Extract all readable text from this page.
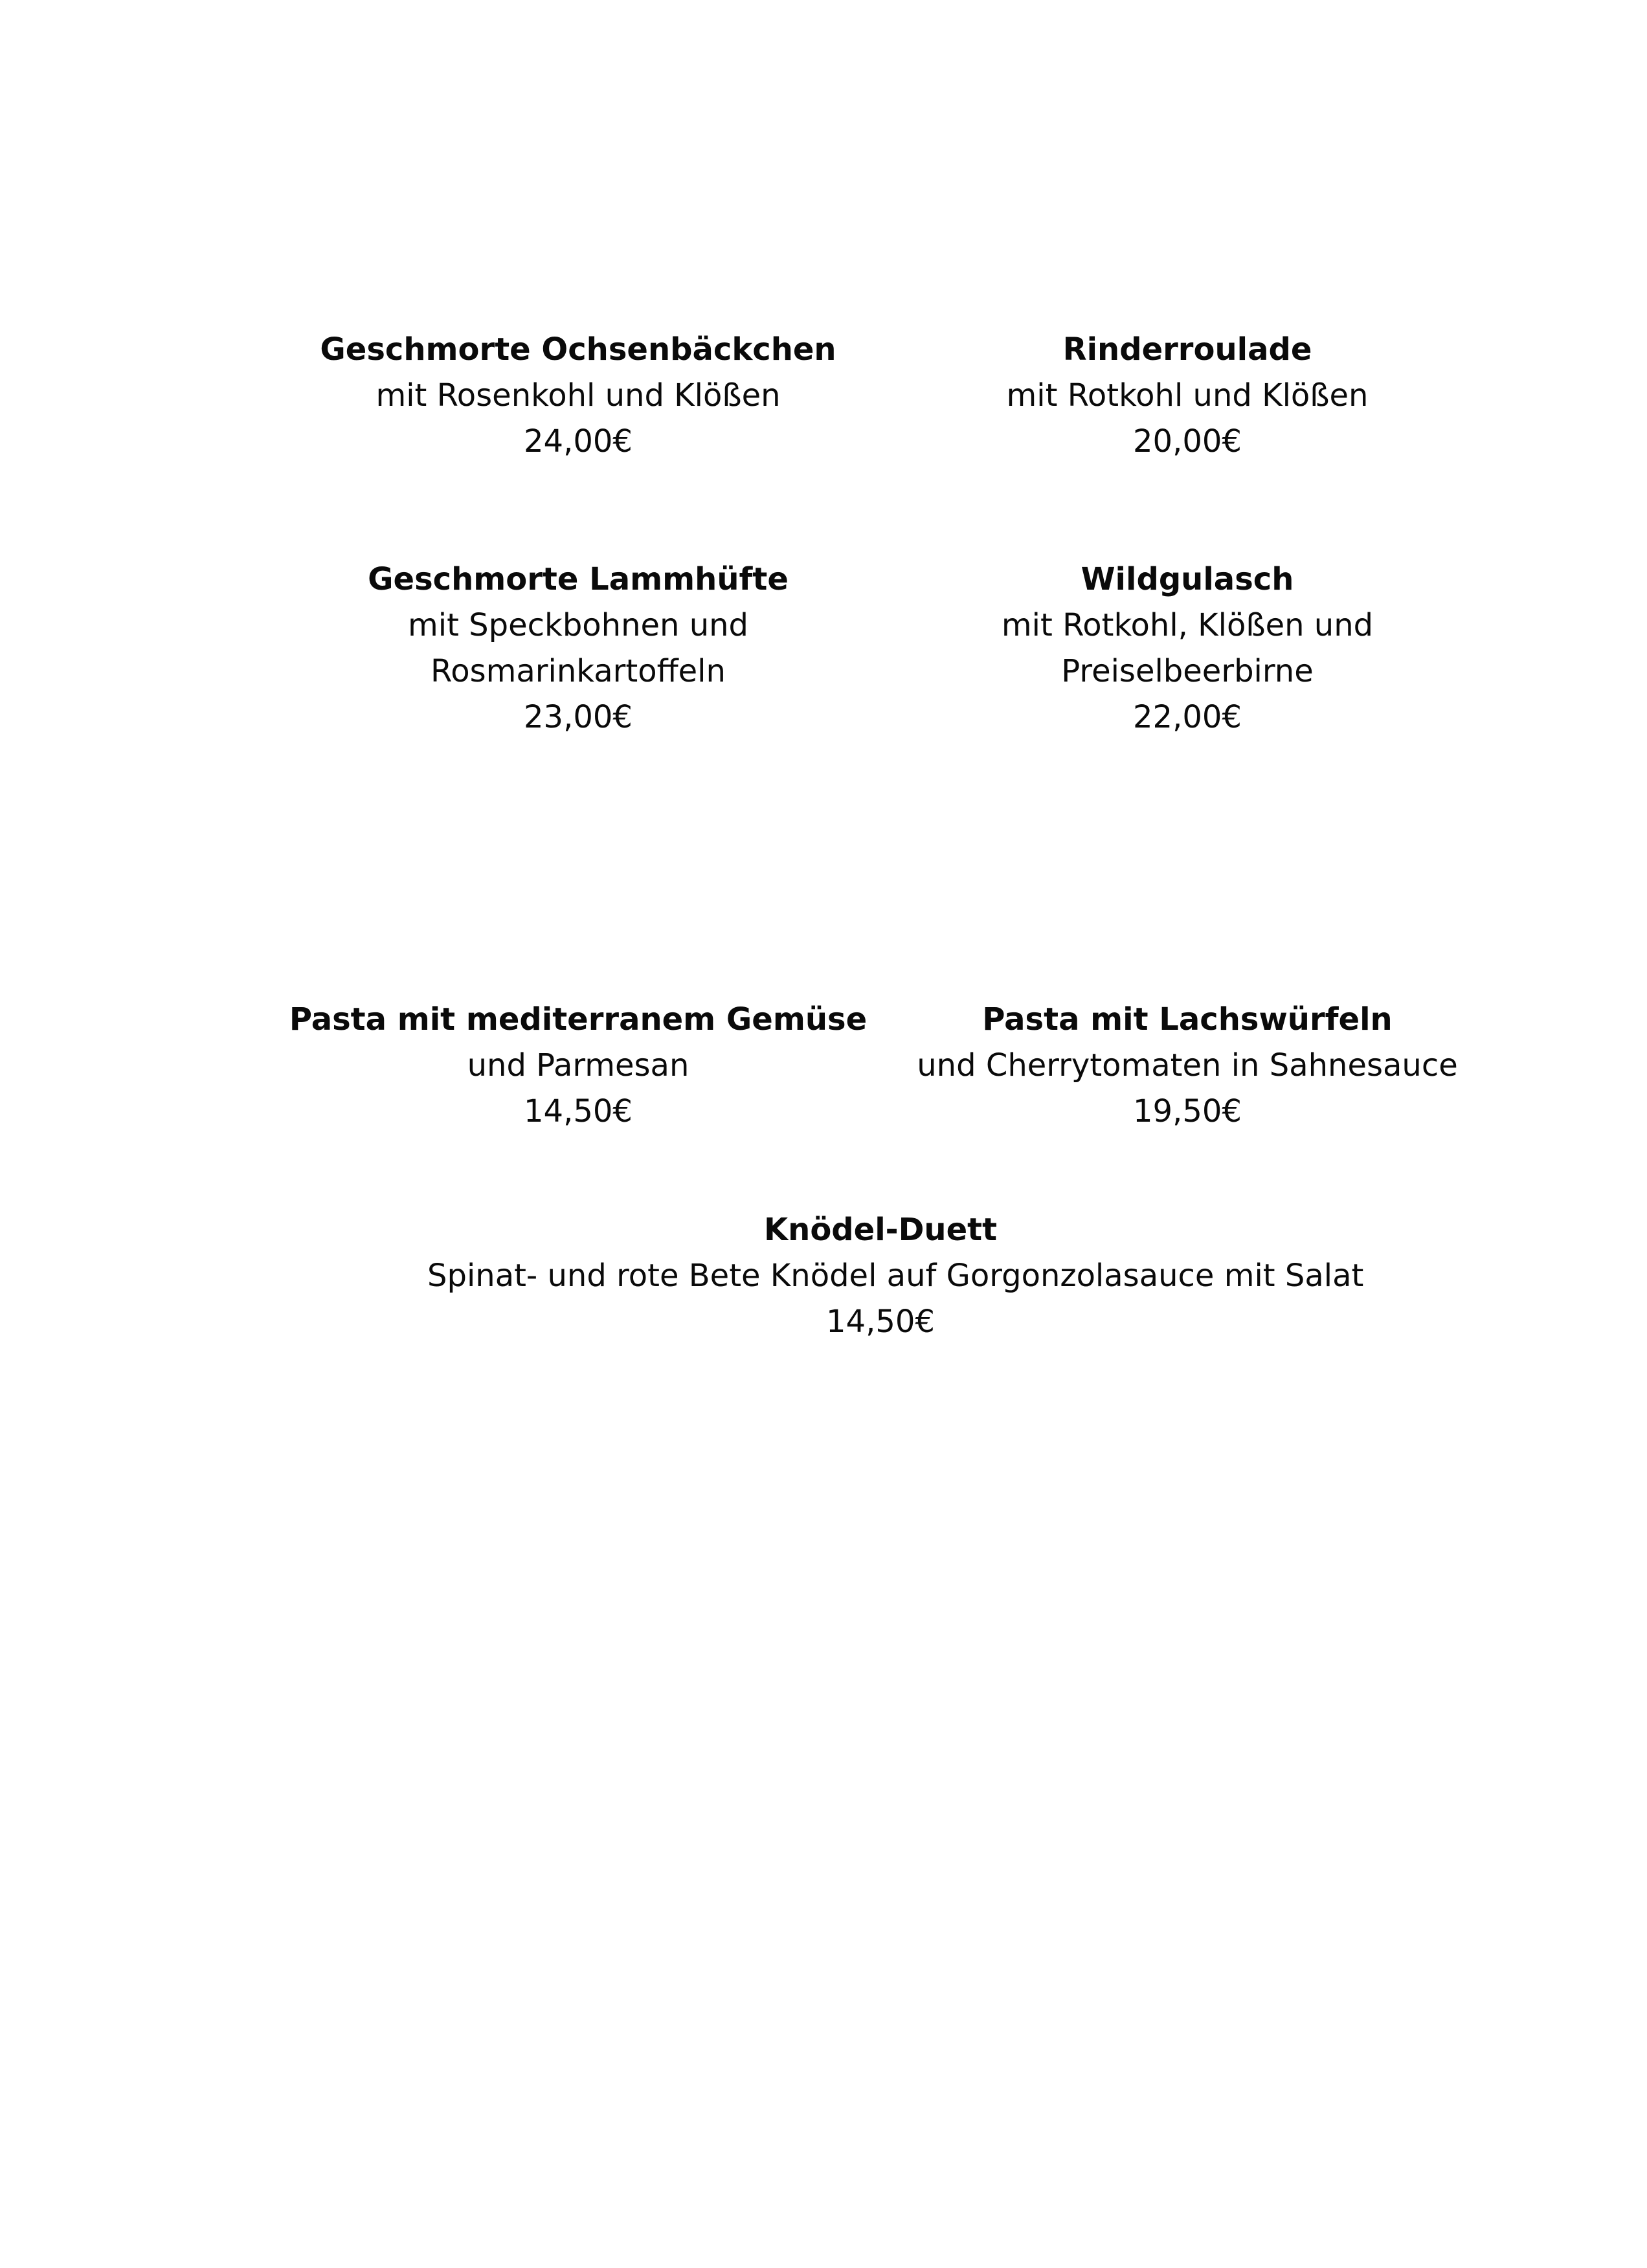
Geschmorte Ochsenbäckchen
mit Rosenkohl und Klößen
24,00€
Rinderroulade
mit Rotkohl und Klößen
20,00€
Geschmorte Lammhüfte
mit Speckbohnen und
Rosmarinkartoffeln
23,00€
Wildgulasch
mit Rotkohl, Klößen und
Preiselbeerbirne
22,00€
Pasta mit mediterranem Gemüse
und Parmesan
14,50€
Pasta mit Lachswürfeln
und Cherrytomaten in Sahnesauce
19,50€
Knödel-Duett
Spinat- und rote Bete Knödel auf Gorgonzolasauce mit Salat
14,50€
